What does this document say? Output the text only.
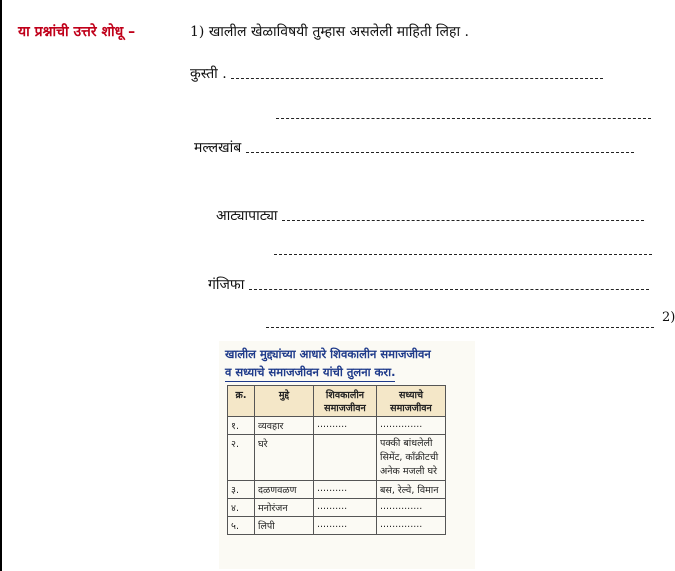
या प्रश्नांची उत्तरे शोधू –	1) खालील खेळाविषयी तुम्हास असलेली माहिती लिहा .
कुस्ती .
मल्लखांब
आट्यापाट्या
गंजिफा
2)
खालील मुद्द्यांच्या आधारे शिवकालीन समाजजीवन
व सध्याचे समाजजीवन यांची तुलना करा.
क्र.	मुद्दे	शिवकालीन समाजजीवन	सध्याचे समाजजीवन
१.	व्यवहार	..........	..............
२.	घरे		पक्की बांधलेली सिमेंट, काँक्रीटची अनेक मजली घरे
३.	दळणवळण	..........	बस, रेल्वे, विमान
४.	मनोरंजन	..........	..............
५.	लिपी	..........	..............
